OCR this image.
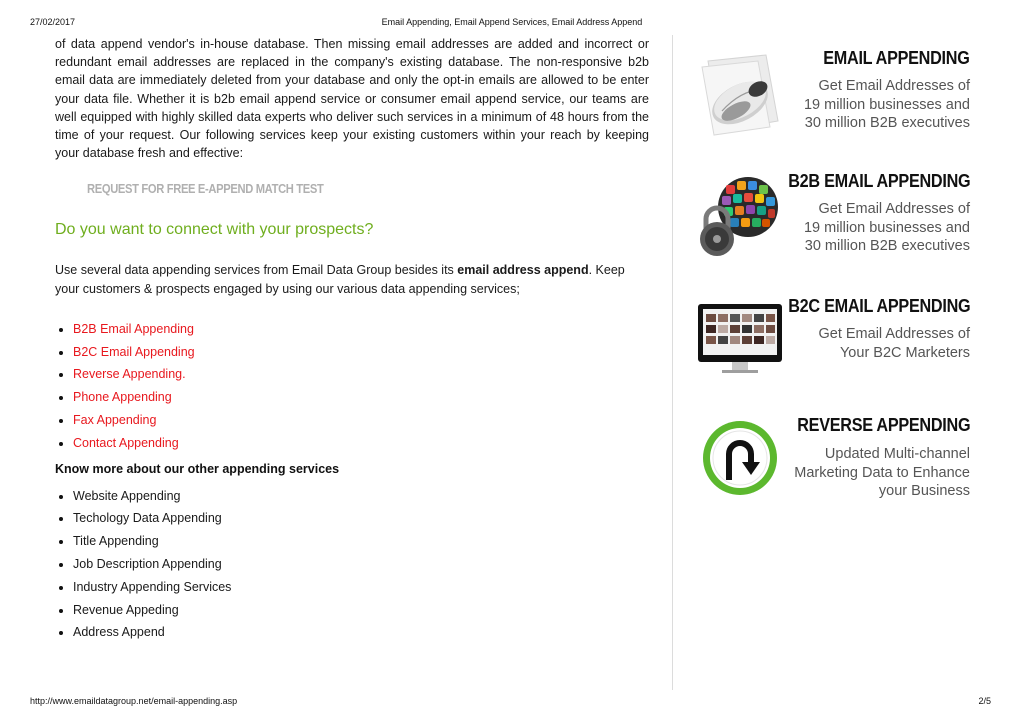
27/02/2017	Email Appending, Email Append Services, Email Address Append

of data append vendor's in-house database. Then missing email addresses are added and incorrect or redundant email addresses are replaced in the company's existing database. The non-responsive b2b email data are immediately deleted from your database and only the opt-in emails are allowed to be enter your data file. Whether it is b2b email append service or consumer email append service, our teams are well equipped with highly skilled data experts who deliver such services in a minimum of 48 hours from the time of your request. Our following services keep your existing customers within your reach by keeping your database fresh and effective:

REQUEST FOR FREE E-APPEND MATCH TEST
Do you want to connect with your prospects?

Use several data appending services from Email Data Group besides its email address append. Keep your customers & prospects engaged by using our various data appending services;

B2B Email Appending
B2C Email Appending
Reverse Appending.
Phone Appending
Fax Appending
Contact Appending

Know more about our other appending services

Website Appending
Techology Data Appending
Title Appending
Job Description Appending
Industry Appending Services
Revenue Appeding
Address Append
EMAIL APPENDING
Get Email Addresses of
19 million businesses and
30 million B2B executives
B2B EMAIL APPENDING
Get Email Addresses of
19 million businesses and
30 million B2B executives
B2C EMAIL APPENDING
Get Email Addresses of
Your B2C Marketers
REVERSE APPENDING
Updated Multi-channel
Marketing Data to Enhance
your Business
http://www.emaildatagroup.net/email-appending.asp	2/5
